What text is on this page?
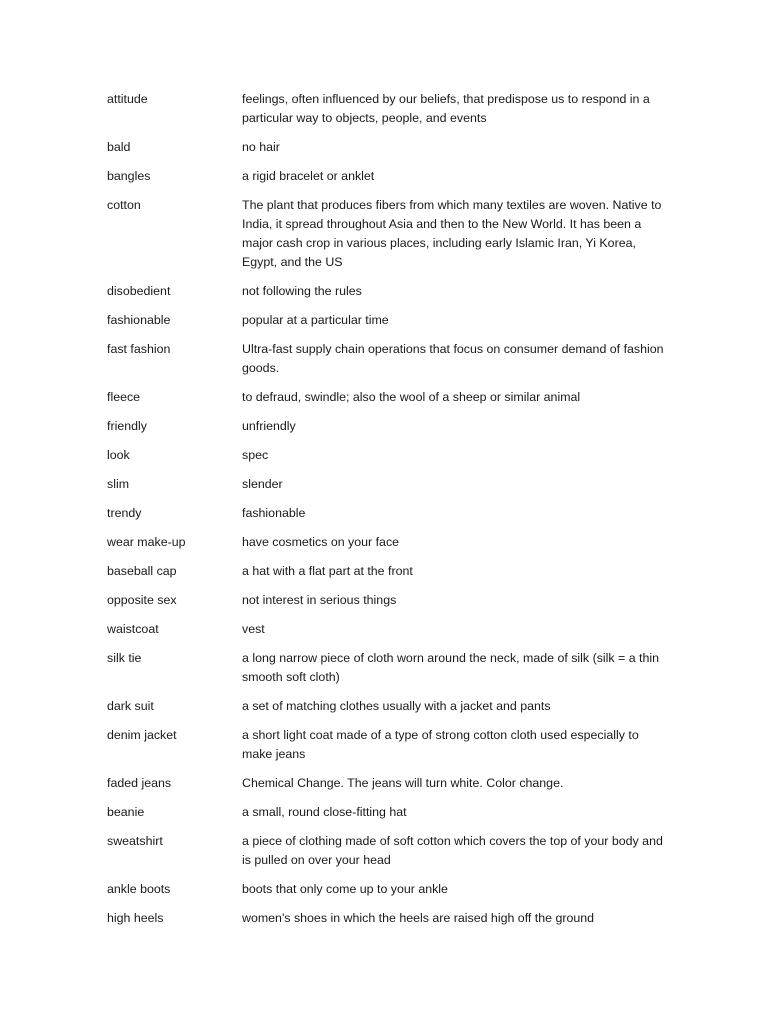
attitude	feelings, often influenced by our beliefs, that predispose us to respond in a particular way to objects, people, and events
bald	no hair
bangles	a rigid bracelet or anklet
cotton	The plant that produces fibers from which many textiles are woven. Native to India, it spread throughout Asia and then to the New World. It has been a major cash crop in various places, including early Islamic Iran, Yi Korea, Egypt, and the US
disobedient	not following the rules
fashionable	popular at a particular time
fast fashion	Ultra-fast supply chain operations that focus on consumer demand of fashion goods.
fleece	to defraud, swindle; also the wool of a sheep or similar animal
friendly	unfriendly
look	spec
slim	slender
trendy	fashionable
wear make-up	have cosmetics on your face
baseball cap	a hat with a flat part at the front
opposite sex	not interest in serious things
waistcoat	vest
silk tie	a long narrow piece of cloth worn around the neck, made of silk (silk = a thin smooth soft cloth)
dark suit	a set of matching clothes usually with a jacket and pants
denim jacket	a short light coat made of a type of strong cotton cloth used especially to make jeans
faded jeans	Chemical Change. The jeans will turn white. Color change.
beanie	a small, round close-fitting hat
sweatshirt	a piece of clothing made of soft cotton which covers the top of your body and is pulled on over your head
ankle boots	boots that only come up to your ankle
high heels	women's shoes in which the heels are raised high off the ground
